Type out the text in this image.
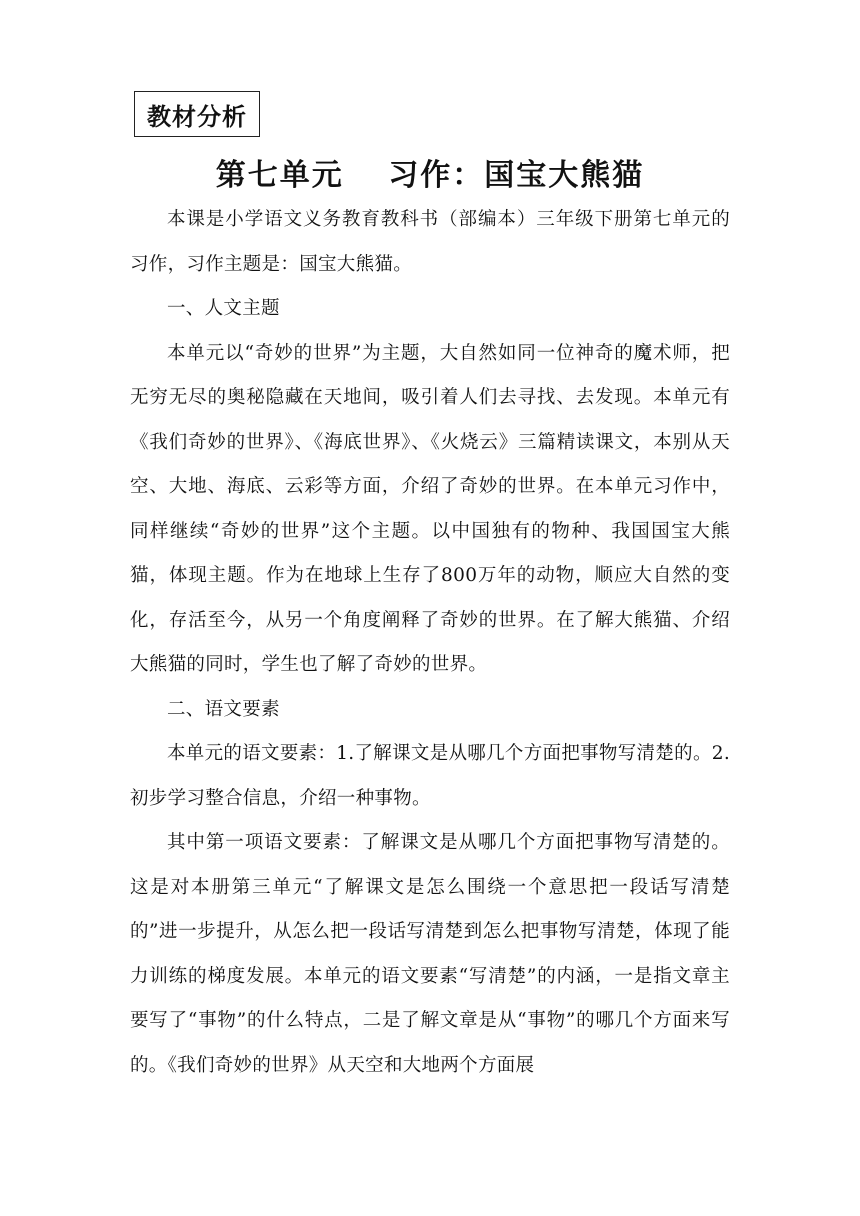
教材分析
第七单元　 习作：国宝大熊猫

本课是小学语文义务教育教科书（部编本）三年级下册第七单元的习作，习作主题是：国宝大熊猫。

一、人文主题

本单元以“奇妙的世界”为主题，大自然如同一位神奇的魔术师，把无穷无尽的奥秘隐藏在天地间，吸引着人们去寻找、去发现。本单元有《我们奇妙的世界》、《海底世界》、《火烧云》三篇精读课文，本别从天空、大地、海底、云彩等方面，介绍了奇妙的世界。在本单元习作中，同样继续“奇妙的世界”这个主题。以中国独有的物种、我国国宝大熊猫，体现主题。作为在地球上生存了800万年的动物，顺应大自然的变化，存活至今，从另一个角度阐释了奇妙的世界。在了解大熊猫、介绍大熊猫的同时，学生也了解了奇妙的世界。

二、语文要素

本单元的语文要素：1.了解课文是从哪几个方面把事物写清楚的。2.初步学习整合信息，介绍一种事物。

其中第一项语文要素：了解课文是从哪几个方面把事物写清楚的。这是对本册第三单元“了解课文是怎么围绕一个意思把一段话写清楚的”进一步提升，从怎么把一段话写清楚到怎么把事物写清楚，体现了能力训练的梯度发展。本单元的语文要素“写清楚”的内涵，一是指文章主要写了“事物”的什么特点，二是了解文章是从“事物”的哪几个方面来写的。《我们奇妙的世界》从天空和大地两个方面展
